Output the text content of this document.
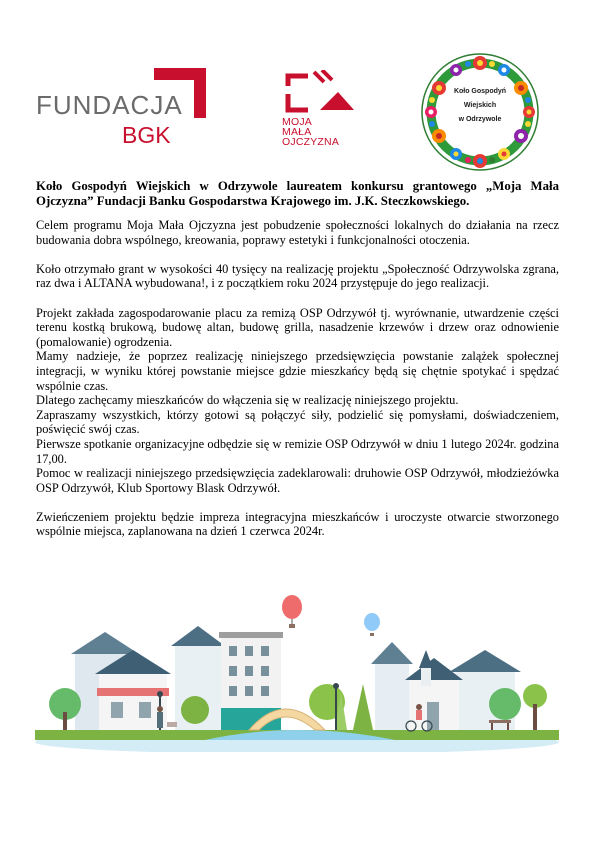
FUNDACJA
BGK	MOJA
MAŁA
OJCZYZNA
Koło Gospodyń
Wiejskich
w Odrzywole

Koło Gospodyń Wiejskich w Odrzywole laureatem konkursu grantowego „Moja Mała Ojczyzna” Fundacji Banku Gospodarstwa Krajowego im. J.K. Steczkowskiego.

Celem programu Moja Mała Ojczyzna jest pobudzenie społeczności lokalnych do działania na rzecz budowania dobra wspólnego, kreowania, poprawy estetyki i funkcjonalności otoczenia.

Koło otrzymało grant w wysokości 40 tysięcy na realizację projektu „Społeczność Odrzywolska zgrana, raz dwa i ALTANA wybudowana!, i z początkiem roku 2024 przystępuje do jego realizacji.

Projekt zakłada zagospodarowanie placu za remizą OSP Odrzywół tj. wyrównanie, utwardzenie części terenu kostką brukową, budowę altan, budowę grilla, nasadzenie krzewów i drzew oraz odnowienie (pomalowanie) ogrodzenia.

Mamy nadzieje, że poprzez realizację niniejszego przedsięwzięcia powstanie zalążek społecznej integracji, w wyniku której powstanie miejsce gdzie mieszkańcy będą się chętnie spotykać i spędzać wspólnie czas.

Dlatego zachęcamy mieszkańców do włączenia się w realizację niniejszego projektu.

Zapraszamy wszystkich, którzy gotowi są połączyć siły, podzielić się pomysłami, doświadczeniem, poświęcić swój czas.

Pierwsze spotkanie organizacyjne odbędzie się w remizie OSP Odrzywół w dniu 1 lutego 2024r. godzina 17,00.

Pomoc w realizacji niniejszego przedsięwzięcia zadeklarowali: druhowie OSP Odrzywół, młodzieżówka OSP Odrzywół, Klub Sportowy Blask Odrzywół.

Zwieńczeniem projektu będzie impreza integracyjna mieszkańców i uroczyste otwarcie stworzonego wspólnie miejsca, zaplanowana na dzień 1 czerwca 2024r.
